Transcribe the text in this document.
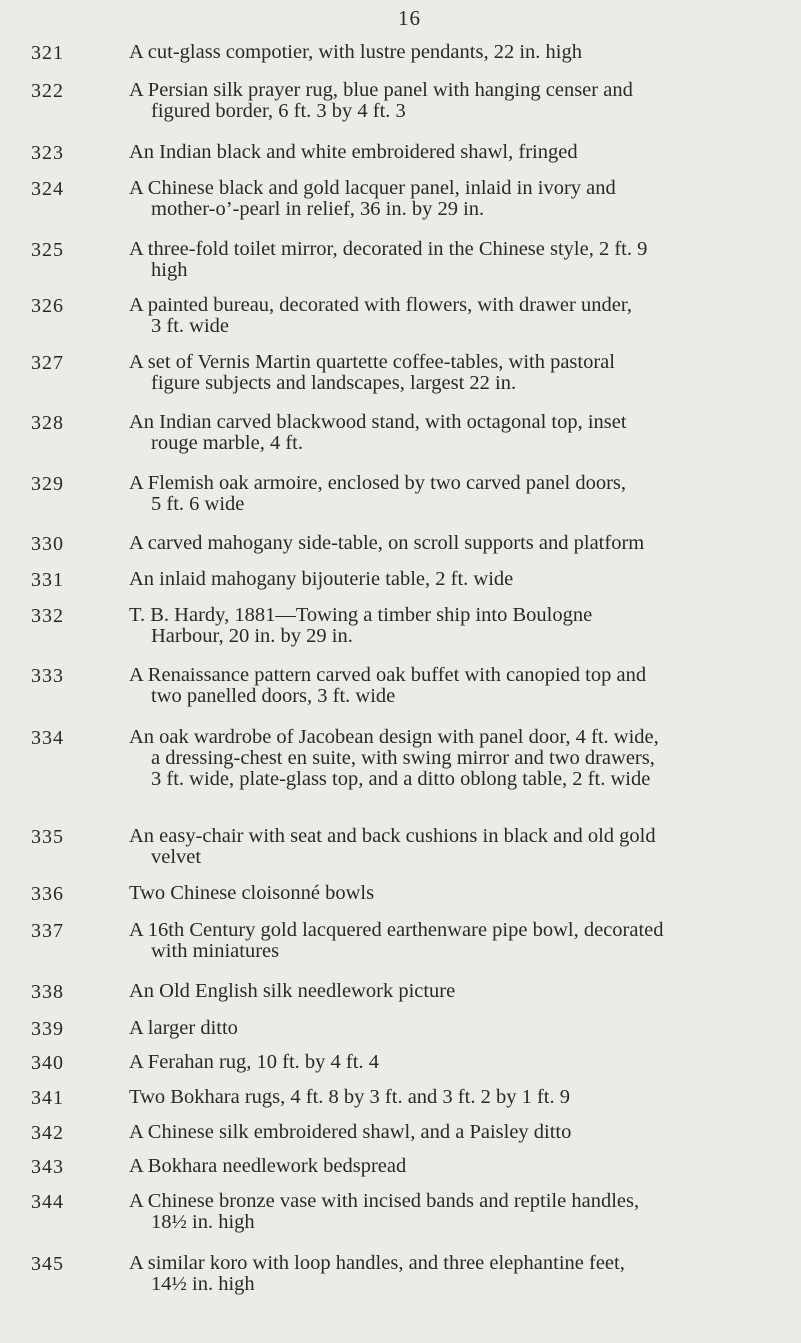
16
321	A cut-glass compotier, with lustre pendants, 22 in. high
322	A Persian silk prayer rug, blue panel with hanging censer and
figured border, 6 ft. 3 by 4 ft. 3
323	An Indian black and white embroidered shawl, fringed
324	A Chinese black and gold lacquer panel, inlaid in ivory and
mother-o’-pearl in relief, 36 in. by 29 in.
325	A three-fold toilet mirror, decorated in the Chinese style, 2 ft. 9
high
326	A painted bureau, decorated with flowers, with drawer under,
3 ft. wide
327	A set of Vernis Martin quartette coffee-tables, with pastoral
figure subjects and landscapes, largest 22 in.
328	An Indian carved blackwood stand, with octagonal top, inset
rouge marble, 4 ft.
329	A Flemish oak armoire, enclosed by two carved panel doors,
5 ft. 6 wide
330	A carved mahogany side-table, on scroll supports and platform
331	An inlaid mahogany bijouterie table, 2 ft. wide
332	T. B. Hardy, 1881—Towing a timber ship into Boulogne
Harbour, 20 in. by 29 in.
333	A Renaissance pattern carved oak buffet with canopied top and
two panelled doors, 3 ft. wide
334	An oak wardrobe of Jacobean design with panel door, 4 ft. wide,
a dressing-chest en suite, with swing mirror and two drawers,
3 ft. wide, plate-glass top, and a ditto oblong table, 2 ft. wide
335	An easy-chair with seat and back cushions in black and old gold
velvet
336	Two Chinese cloisonné bowls
337	A 16th Century gold lacquered earthenware pipe bowl, decorated
with miniatures
338	An Old English silk needlework picture
339	A larger ditto
340	A Ferahan rug, 10 ft. by 4 ft. 4
341	Two Bokhara rugs, 4 ft. 8 by 3 ft. and 3 ft. 2 by 1 ft. 9
342	A Chinese silk embroidered shawl, and a Paisley ditto
343	A Bokhara needlework bedspread
344	A Chinese bronze vase with incised bands and reptile handles,
18½ in. high
345	A similar koro with loop handles, and three elephantine feet,
14½ in. high
